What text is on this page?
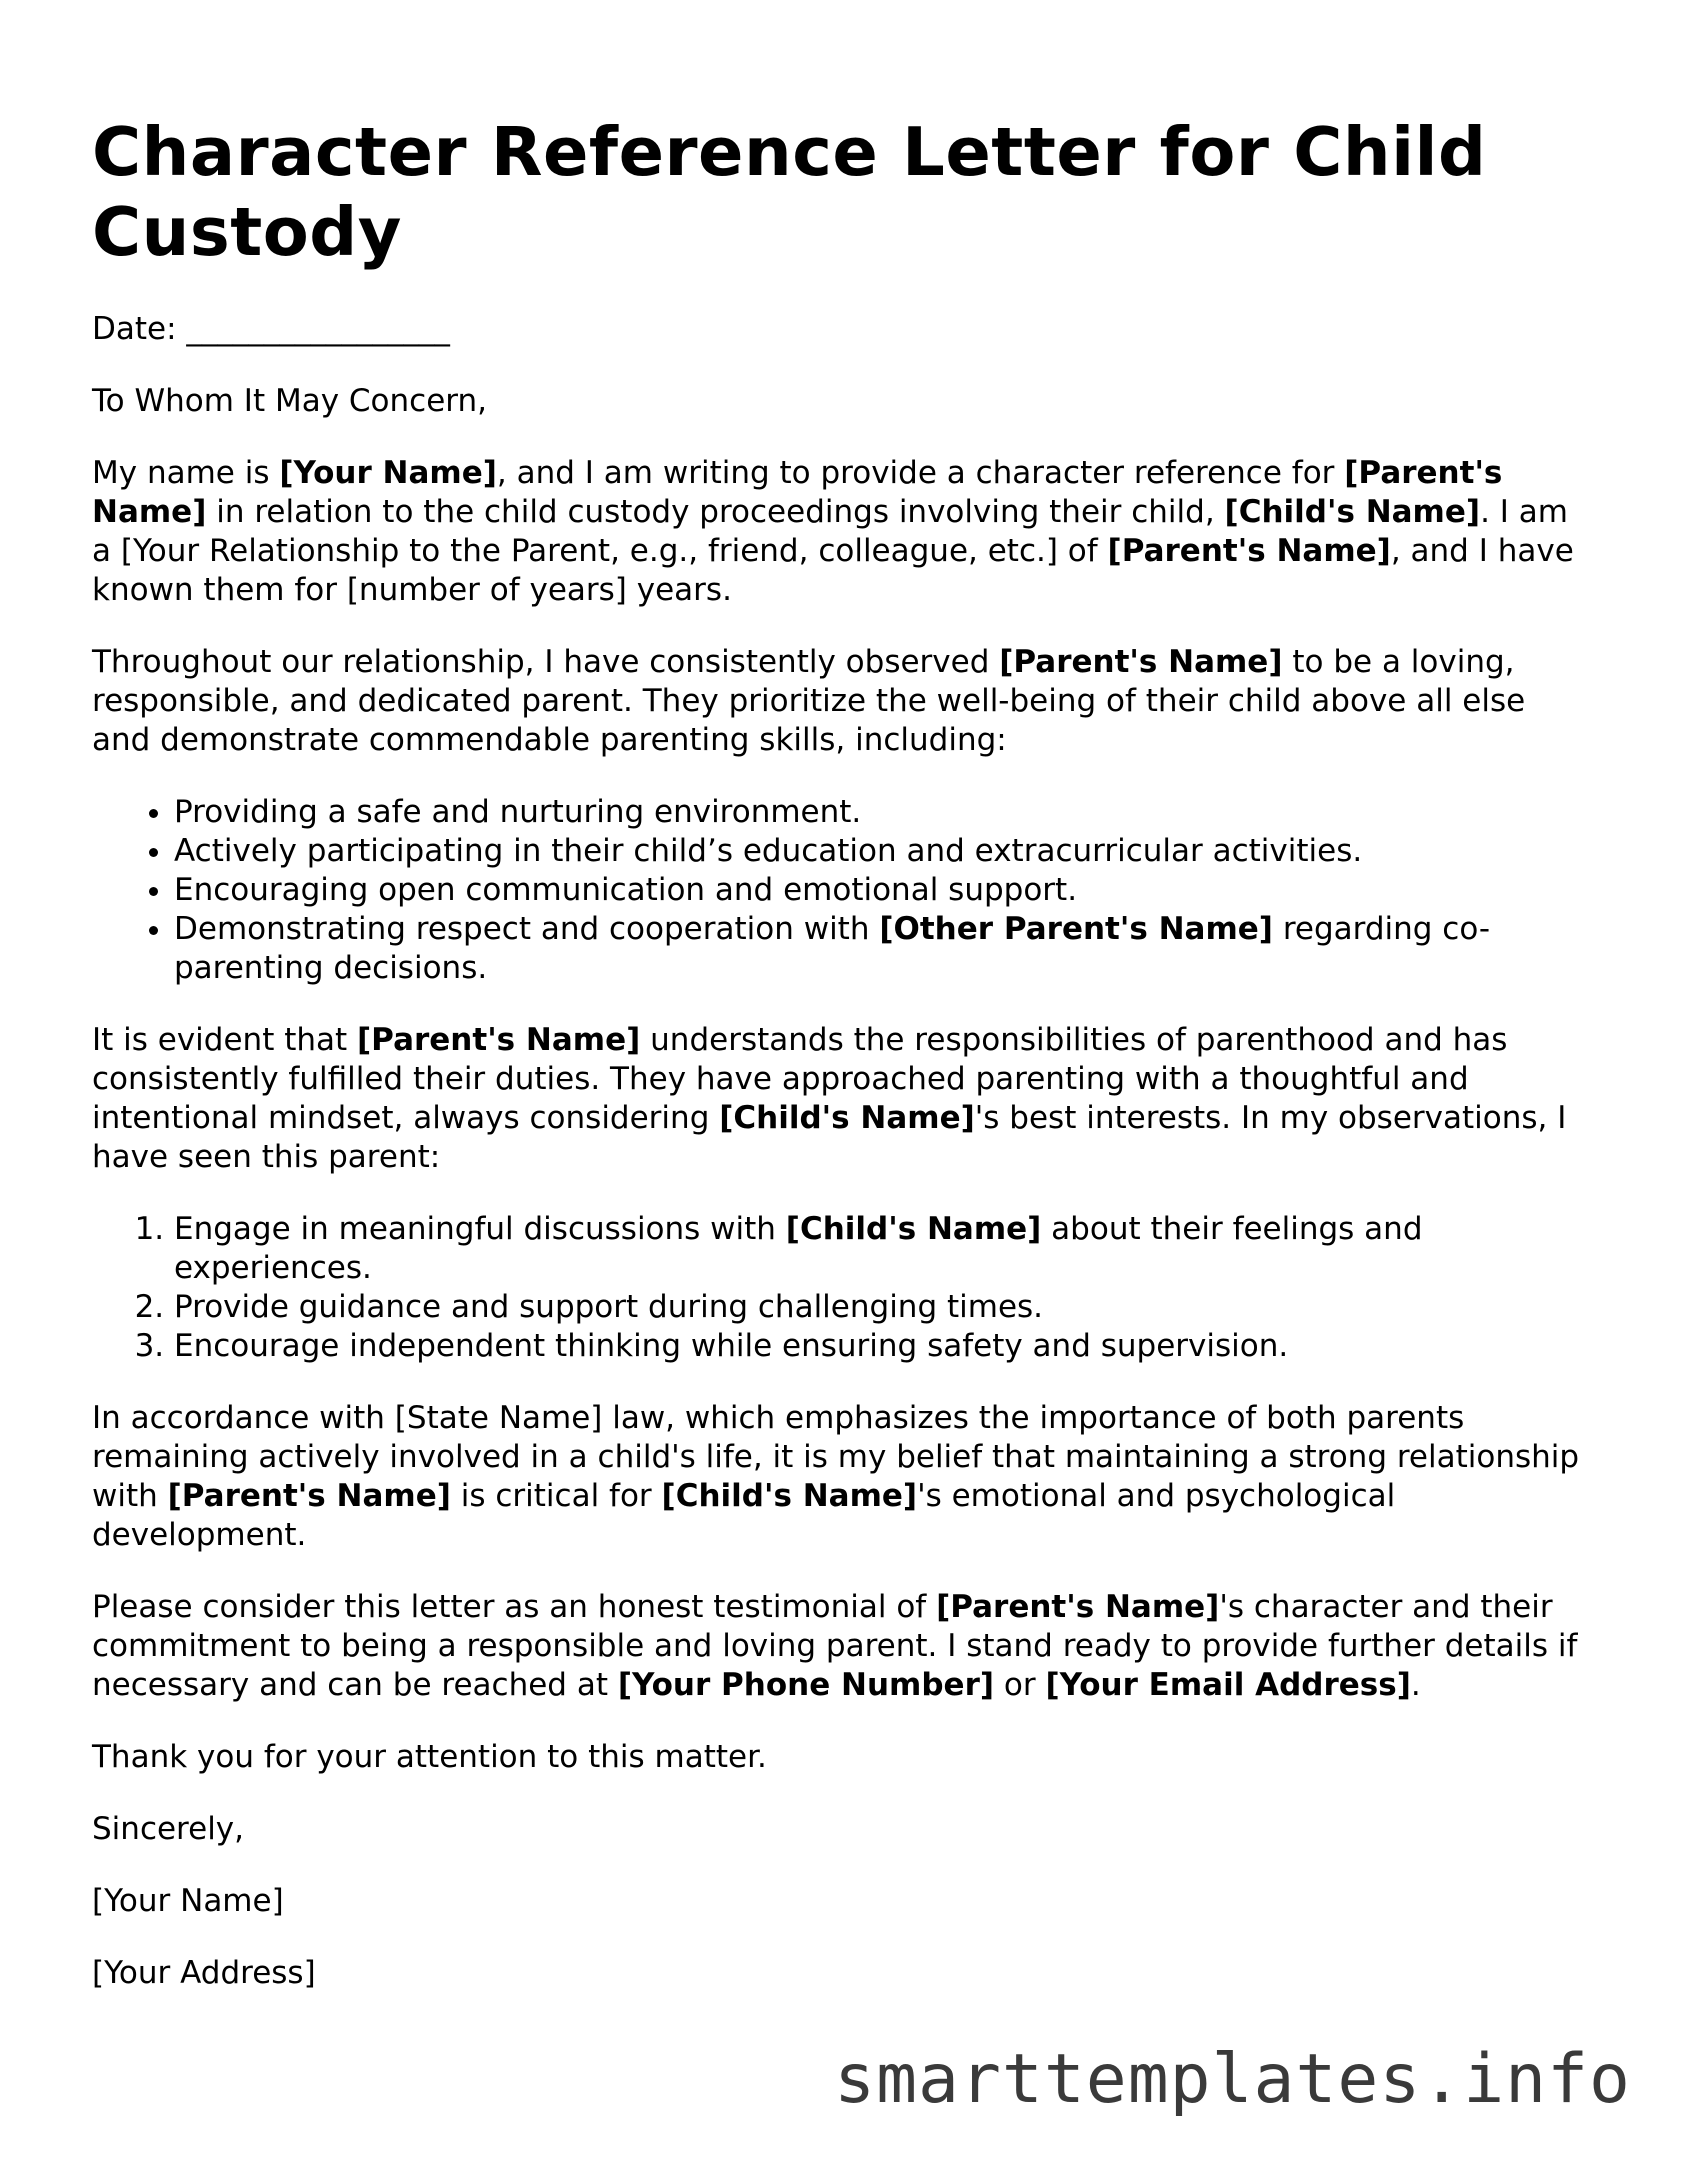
Character Reference Letter for Child Custody

Date: _________________

To Whom It May Concern,

My name is [Your Name], and I am writing to provide a character reference for [Parent's Name] in relation to the child custody proceedings involving their child, [Child's Name]. I am a [Your Relationship to the Parent, e.g., friend, colleague, etc.] of [Parent's Name], and I have known them for [number of years] years.

Throughout our relationship, I have consistently observed [Parent's Name] to be a loving, responsible, and dedicated parent. They prioritize the well-being of their child above all else and demonstrate commendable parenting skills, including:

• Providing a safe and nurturing environment.
• Actively participating in their child’s education and extracurricular activities.
• Encouraging open communication and emotional support.
• Demonstrating respect and cooperation with [Other Parent's Name] regarding co-parenting decisions.

It is evident that [Parent's Name] understands the responsibilities of parenthood and has consistently fulfilled their duties. They have approached parenting with a thoughtful and intentional mindset, always considering [Child's Name]'s best interests. In my observations, I have seen this parent:

1. Engage in meaningful discussions with [Child's Name] about their feelings and experiences.
2. Provide guidance and support during challenging times.
3. Encourage independent thinking while ensuring safety and supervision.

In accordance with [State Name] law, which emphasizes the importance of both parents remaining actively involved in a child's life, it is my belief that maintaining a strong relationship with [Parent's Name] is critical for [Child's Name]'s emotional and psychological development.

Please consider this letter as an honest testimonial of [Parent's Name]'s character and their commitment to being a responsible and loving parent. I stand ready to provide further details if necessary and can be reached at [Your Phone Number] or [Your Email Address].

Thank you for your attention to this matter.

Sincerely,

[Your Name]

[Your Address]

smarttemplates.info
